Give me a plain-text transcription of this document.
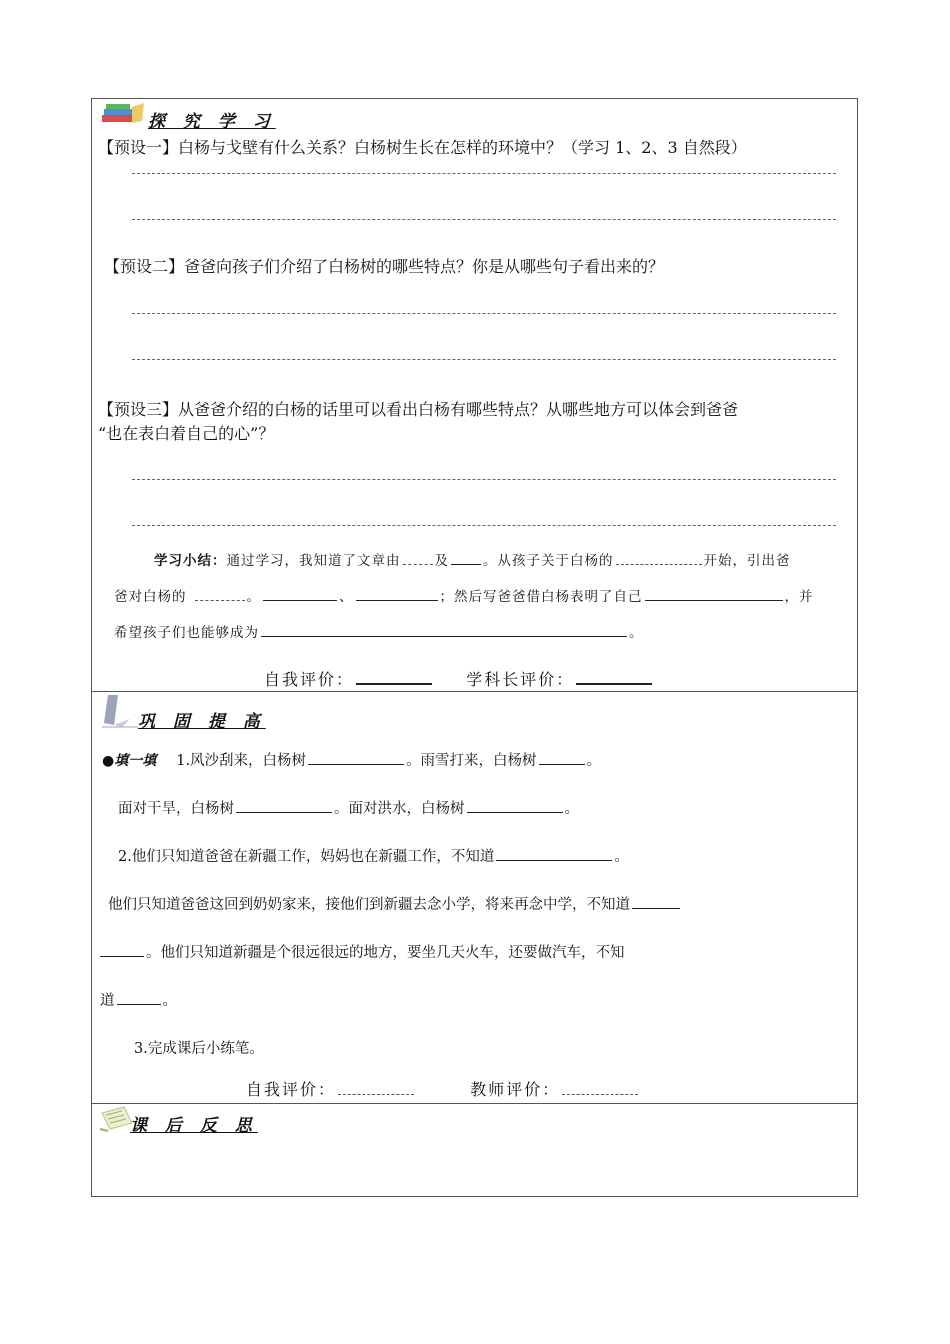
探 究 学 习
【预设一】白杨与戈壁有什么关系？白杨树生长在怎样的环境中？（学习 1、2、3 自然段）
【预设二】爸爸向孩子们介绍了白杨树的哪些特点？你是从哪些句子看出来的？
【预设三】从爸爸介绍的白杨的话里可以看出白杨有哪些特点？从哪些地方可以体会到爸爸
“也在表白着自己的心”？
学习小结：通过学习，我知道了文章由	及	。从孩子关于白杨的	开始，引出爸
爸对白杨的	。	、	；然后写爸爸借白杨表明了自己	，并
希望孩子们也能够成为	。
自我评价：	学科长评价：
巩 固 提 高
●填一填 1.风沙刮来，白杨树	。雨雪打来，白杨树	。
面对干旱，白杨树	。面对洪水，白杨树	。
2.他们只知道爸爸在新疆工作，妈妈也在新疆工作，不知道	。
他们只知道爸爸这回到奶奶家来，接他们到新疆去念小学，将来再念中学，不知道
。他们只知道新疆是个很远很远的地方，要坐几天火车，还要做汽车，不知
道	。
3.完成课后小练笔。
自我评价：	教师评价：
课 后 反 思
